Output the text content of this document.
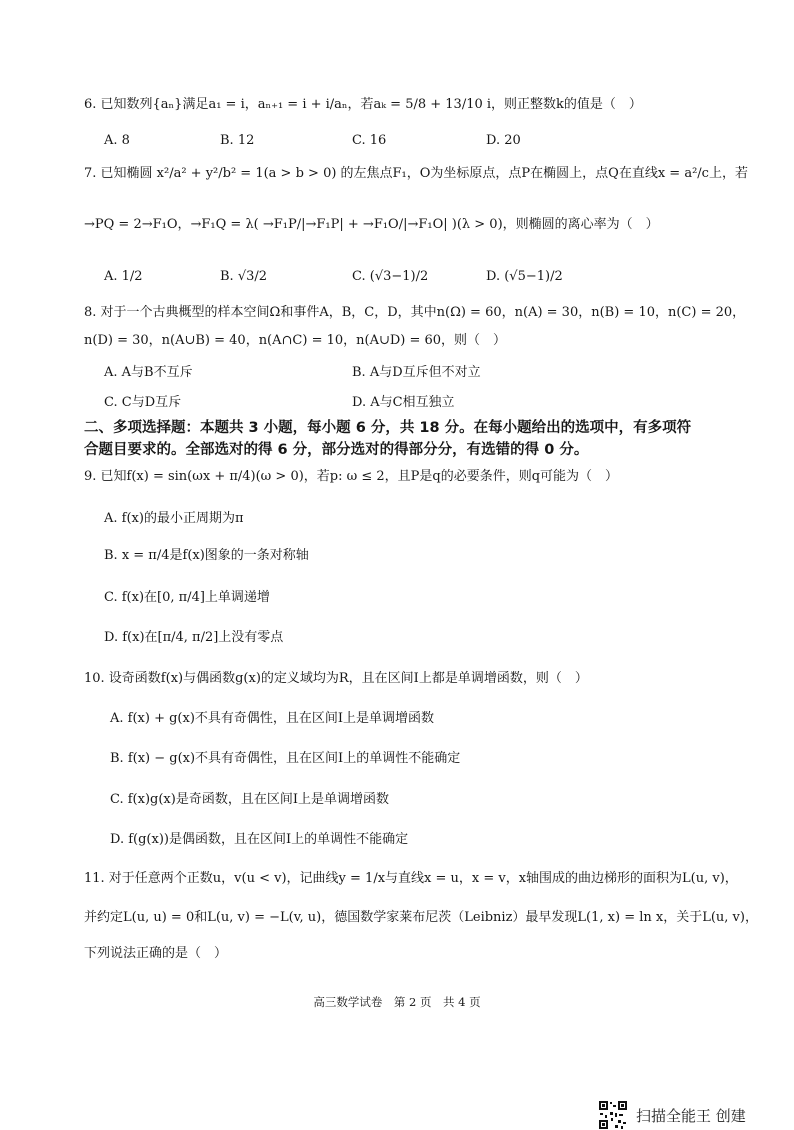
6. 已知数列{aₙ}满足a₁ = i，aₙ₊₁ = i + i/aₙ，若aₖ = 5/8 + 13/10 i，则正整数k的值是（　）
A. 8	B. 12	C. 16	D. 20
7. 已知椭圆 x²/a² + y²/b² = 1(a > b > 0) 的左焦点F₁，O为坐标原点，点P在椭圆上，点Q在直线x = a²/c上，若
→PQ = 2→F₁O，→F₁Q = λ( →F₁P/|→F₁P| + →F₁O/|→F₁O| )(λ > 0)，则椭圆的离心率为（　）
A. 1/2	B. √3/2	C. (√3−1)/2	D. (√5−1)/2
8. 对于一个古典概型的样本空间Ω和事件A，B，C，D，其中n(Ω) = 60，n(A) = 30，n(B) = 10，n(C) = 20，
n(D) = 30，n(A∪B) = 40，n(A∩C) = 10，n(A∪D) = 60，则（　）
A. A与B不互斥	B. A与D互斥但不对立
C. C与D互斥	D. A与C相互独立
二、多项选择题：本题共 3 小题，每小题 6 分，共 18 分。在每小题给出的选项中，有多项符
合题目要求的。全部选对的得 6 分，部分选对的得部分分，有选错的得 0 分。
9. 已知f(x) = sin(ωx + π/4)(ω > 0)，若p: ω ≤ 2，且P是q的必要条件，则q可能为（　）
A. f(x)的最小正周期为π
B. x = π/4是f(x)图象的一条对称轴
C. f(x)在[0, π/4]上单调递增
D. f(x)在[π/4, π/2]上没有零点
10. 设奇函数f(x)与偶函数g(x)的定义域均为R，且在区间I上都是单调增函数，则（　）
A. f(x) + g(x)不具有奇偶性，且在区间I上是单调增函数
B. f(x) − g(x)不具有奇偶性，且在区间I上的单调性不能确定
C. f(x)g(x)是奇函数，且在区间I上是单调增函数
D. f(g(x))是偶函数，且在区间I上的单调性不能确定
11. 对于任意两个正数u，v(u < v)，记曲线y = 1/x与直线x = u，x = v，x轴围成的曲边梯形的面积为L(u, v)，
并约定L(u, u) = 0和L(u, v) = −L(v, u)，德国数学家莱布尼茨（Leibniz）最早发现L(1, x) = ln x，关于L(u, v)，
下列说法正确的是（　）
高三数学试卷　第 2 页　共 4 页
扫描全能王 创建
